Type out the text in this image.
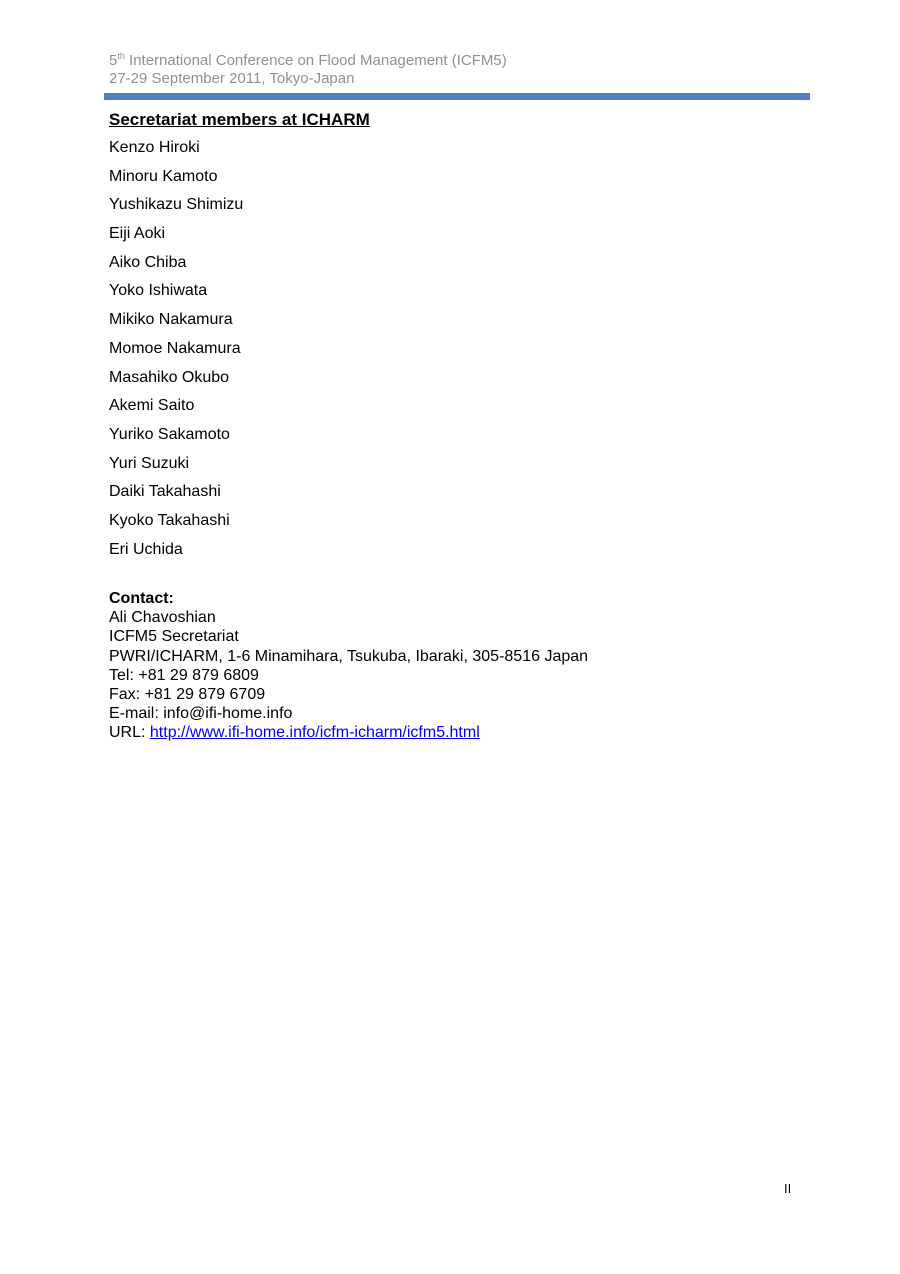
5th International Conference on Flood Management (ICFM5)
27-29 September 2011, Tokyo-Japan
Secretariat members at ICHARM
Kenzo Hiroki
Minoru Kamoto
Yushikazu Shimizu
Eiji Aoki
Aiko Chiba
Yoko Ishiwata
Mikiko Nakamura
Momoe Nakamura
Masahiko Okubo
Akemi Saito
Yuriko Sakamoto
Yuri Suzuki
Daiki Takahashi
Kyoko Takahashi
Eri Uchida
Contact:
Ali Chavoshian
ICFM5 Secretariat
PWRI/ICHARM, 1-6 Minamihara, Tsukuba, Ibaraki, 305-8516 Japan
Tel: +81 29 879 6809
Fax: +81 29 879 6709
E-mail: info@ifi-home.info
URL: http://www.ifi-home.info/icfm-icharm/icfm5.html
II
